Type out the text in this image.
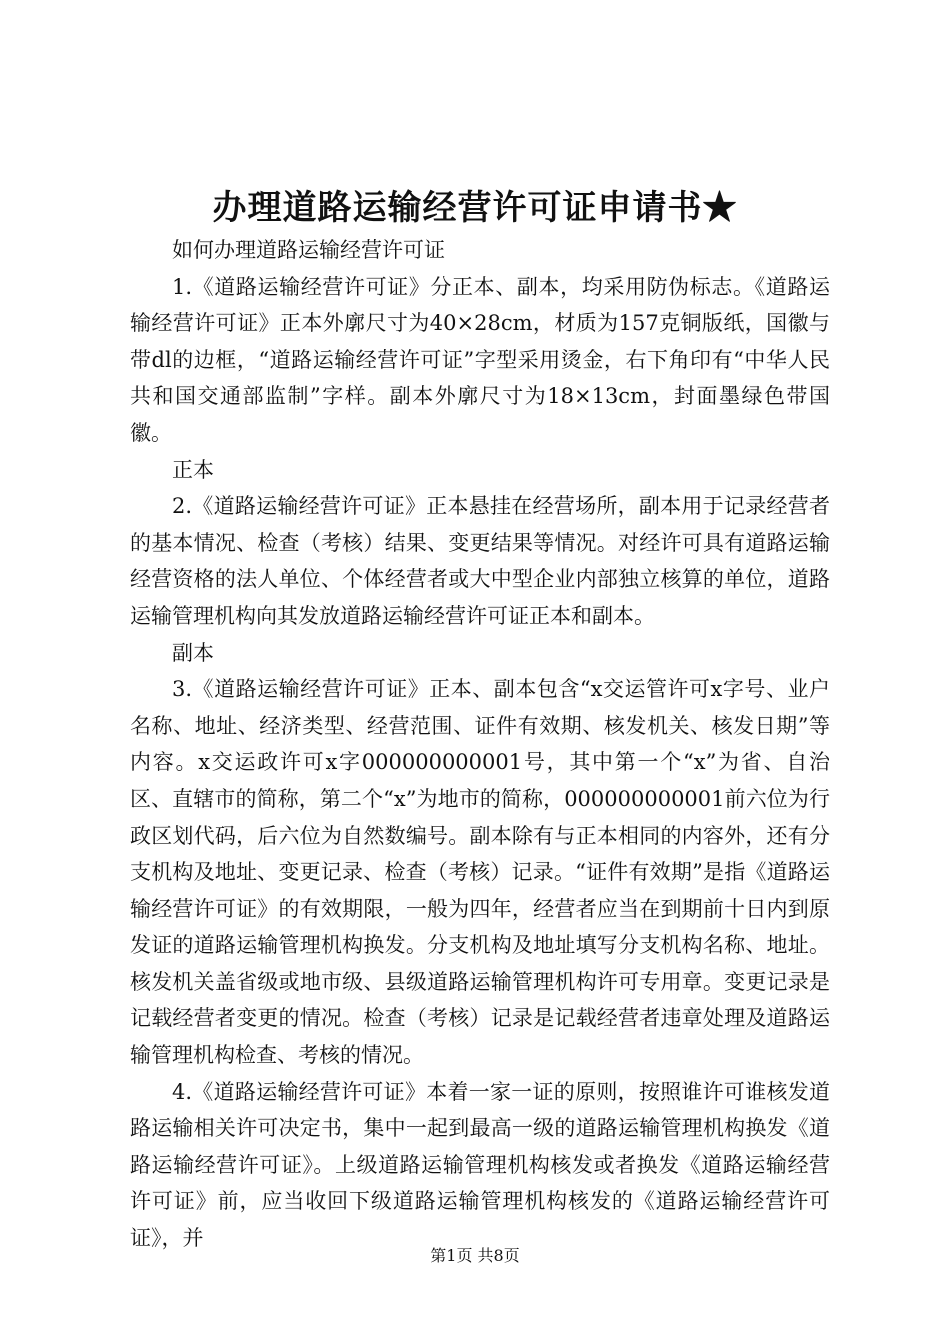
办理道路运输经营许可证申请书★

如何办理道路运输经营许可证

1.《道路运输经营许可证》分正本、副本，均采用防伪标志。《道路运输经营许可证》正本外廓尺寸为40×28cm，材质为157克铜版纸，国徽与带dl的边框，“道路运输经营许可证”字型采用烫金，右下角印有“中华人民共和国交通部监制”字样。副本外廓尺寸为18×13cm，封面墨绿色带国徽。

正本

2.《道路运输经营许可证》正本悬挂在经营场所，副本用于记录经营者的基本情况、检查（考核）结果、变更结果等情况。对经许可具有道路运输经营资格的法人单位、个体经营者或大中型企业内部独立核算的单位，道路运输管理机构向其发放道路运输经营许可证正本和副本。

副本

3.《道路运输经营许可证》正本、副本包含“x交运管许可x字号、业户名称、地址、经济类型、经营范围、证件有效期、核发机关、核发日期”等内容。x交运政许可x字000000000001号，其中第一个“x”为省、自治区、直辖市的简称，第二个“x”为地市的简称，000000000001前六位为行政区划代码，后六位为自然数编号。副本除有与正本相同的内容外，还有分支机构及地址、变更记录、检查（考核）记录。“证件有效期”是指《道路运输经营许可证》的有效期限，一般为四年，经营者应当在到期前十日内到原发证的道路运输管理机构换发。分支机构及地址填写分支机构名称、地址。核发机关盖省级或地市级、县级道路运输管理机构许可专用章。变更记录是记载经营者变更的情况。检查（考核）记录是记载经营者违章处理及道路运输管理机构检查、考核的情况。

4.《道路运输经营许可证》本着一家一证的原则，按照谁许可谁核发道路运输相关许可决定书，集中一起到最高一级的道路运输管理机构换发《道路运输经营许可证》。上级道路运输管理机构核发或者换发《道路运输经营许可证》前，应当收回下级道路运输管理机构核发的《道路运输经营许可证》，并

第1页 共8页
